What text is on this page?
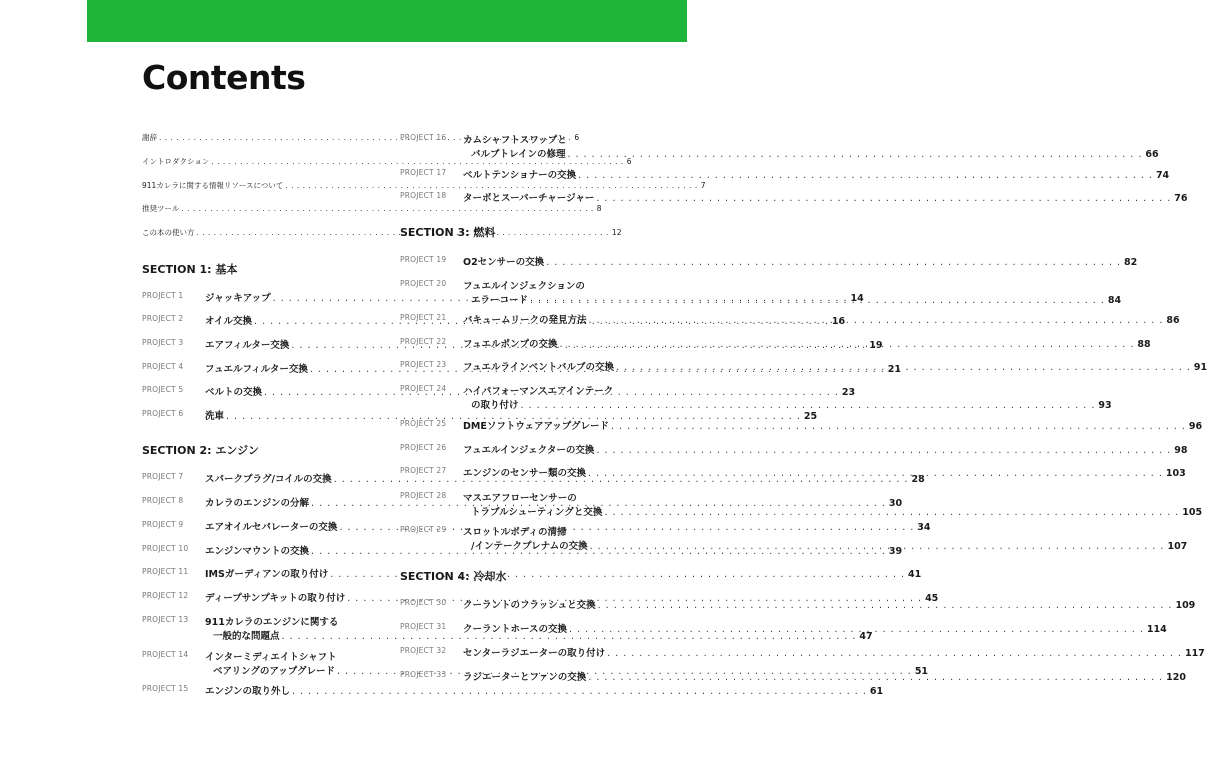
Contents
謝辞 . . .	6
イントロダクション . . .	6
911カレラに関する情報リソースについて . . .	7
推奨ツール . . .	8
この本の使い方 . . .	12
SECTION 1: 基本
PROJECT 1	ジャッキアップ . . .	14
PROJECT 2	オイル交換 . . .	16
PROJECT 3	エアフィルター交換 . . .	19
PROJECT 4	フュエルフィルター交換 . . .	21
PROJECT 5	ベルトの交換 . . .	23
PROJECT 6	洗車 . . .	25
SECTION 2: エンジン
PROJECT 7	スパークプラグ/コイルの交換 . . .	28
PROJECT 8	カレラのエンジンの分解 . . .	30
PROJECT 9	エアオイルセパレーターの交換 . . .	34
PROJECT 10	エンジンマウントの交換 . . .	39
PROJECT 11	IMSガーディアンの取り付け . . .	41
PROJECT 12	ディープサンプキットの取り付け . . .	45
PROJECT 13	911カレラのエンジンに関する
一般的な問題点 . . .	47
PROJECT 14	インターミディエイトシャフト
ベアリングのアップグレード . . .	51
PROJECT 15	エンジンの取り外し . . .	61
PROJECT 16	カムシャフトスワップと
バルブトレインの修理 . . .	66
PROJECT 17	ベルトテンショナーの交換 . . .	74
PROJECT 18	ターボとスーパーチャージャー . . .	76
SECTION 3: 燃料
PROJECT 19	O2センサーの交換 . . .	82
PROJECT 20	フュエルインジェクションの
エラーコード . . .	84
PROJECT 21	バキュームリークの発見方法 . . .	86
PROJECT 22	フュエルポンプの交換 . . .	88
PROJECT 23	フュエルラインベントバルブの交換 . . .	91
PROJECT 24	ハイパフォーマンスエアインテーク
の取り付け . . .	93
PROJECT 25	DMEソフトウェアアップグレード . . .	96
PROJECT 26	フュエルインジェクターの交換 . . .	98
PROJECT 27	エンジンのセンサー類の交換 . . .	103
PROJECT 28	マスエアフローセンサーの
トラブルシューティングと交換 . . .	105
PROJECT 29	スロットルボディの清掃
/インテークプレナムの交換 . . .	107
SECTION 4: 冷却水
PROJECT 30	クーラントのフラッシュと交換 . . .	109
PROJECT 31	クーラントホースの交換 . . .	114
PROJECT 32	センターラジエーターの取り付け . . .	117
PROJECT 33	ラジエーターとファンの交換 . . .	120
